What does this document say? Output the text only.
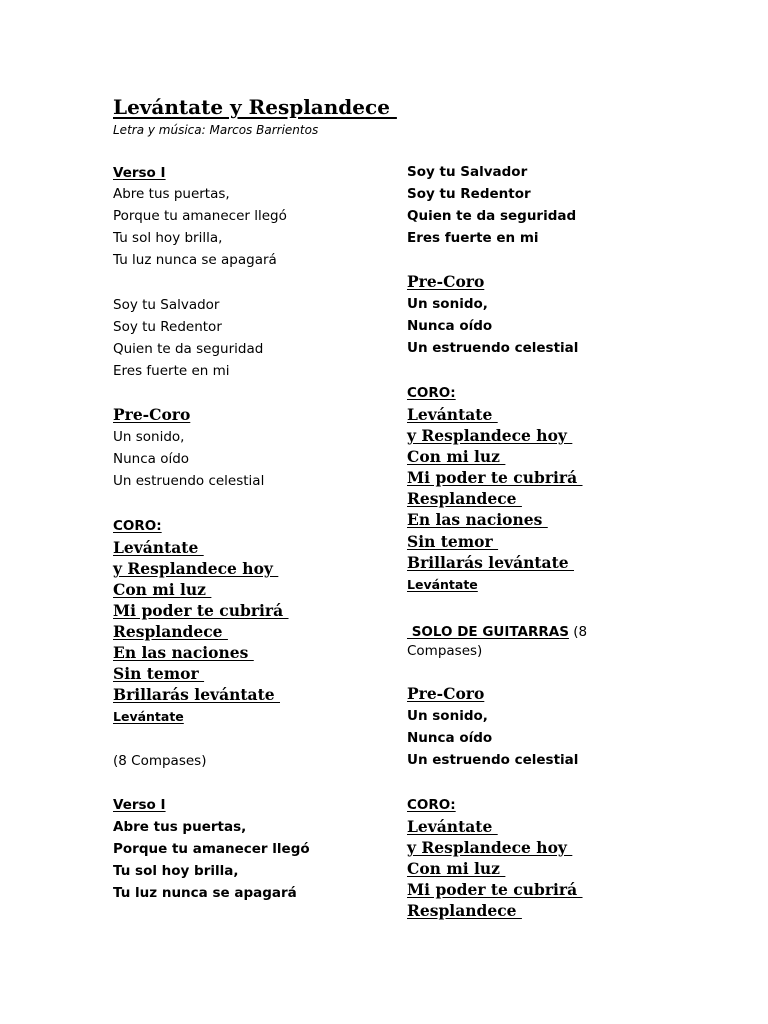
Levántate y Resplandece
Letra y música: Marcos Barrientos
Verso I
Abre tus puertas,
Porque tu amanecer llegó
Tu sol hoy brilla,
Tu luz nunca se apagará
Soy tu Salvador
Soy tu Redentor
Quien te da seguridad
Eres fuerte en mi
Pre-Coro
Un sonido,
Nunca oído
Un estruendo celestial
CORO:
Levántate
y Resplandece hoy
Con mi luz
Mi poder te cubrirá
Resplandece
En las naciones
Sin temor
Brillarás levántate
Levántate
(8 Compases)
Verso I
Abre tus puertas,
Porque tu amanecer llegó
Tu sol hoy brilla,
Tu luz nunca se apagará
Soy tu Salvador
Soy tu Redentor
Quien te da seguridad
Eres fuerte en mi
Pre-Coro
Un sonido,
Nunca oído
Un estruendo celestial
CORO:
Levántate
y Resplandece hoy
Con mi luz
Mi poder te cubrirá
Resplandece
En las naciones
Sin temor
Brillarás levántate
Levántate
SOLO DE GUITARRAS (8
Compases)
Pre-Coro
Un sonido,
Nunca oído
Un estruendo celestial
CORO:
Levántate
y Resplandece hoy
Con mi luz
Mi poder te cubrirá
Resplandece
